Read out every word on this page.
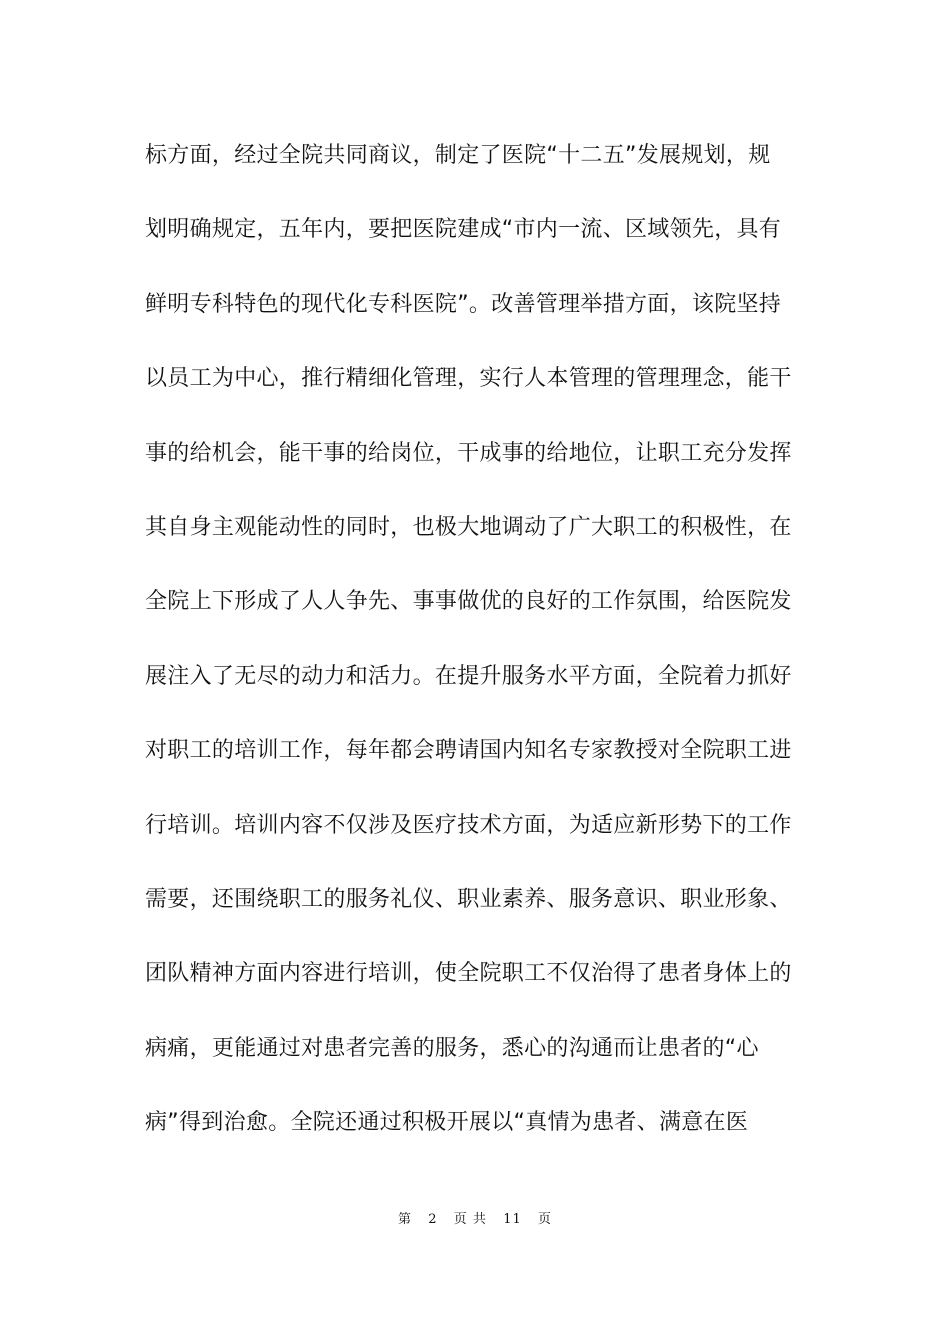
标方面，经过全院共同商议，制定了医院“十二五”发展规划，规
划明确规定，五年内，要把医院建成“市内一流、区域领先，具有
鲜明专科特色的现代化专科医院”。改善管理举措方面，该院坚持
以员工为中心，推行精细化管理，实行人本管理的管理理念，能干
事的给机会，能干事的给岗位，干成事的给地位，让职工充分发挥
其自身主观能动性的同时，也极大地调动了广大职工的积极性，在
全院上下形成了人人争先、事事做优的良好的工作氛围，给医院发
展注入了无尽的动力和活力。在提升服务水平方面，全院着力抓好
对职工的培训工作，每年都会聘请国内知名专家教授对全院职工进
行培训。培训内容不仅涉及医疗技术方面，为适应新形势下的工作
需要，还围绕职工的服务礼仪、职业素养、服务意识、职业形象、
团队精神方面内容进行培训，使全院职工不仅治得了患者身体上的
病痛，更能通过对患者完善的服务，悉心的沟通而让患者的“心
病”得到治愈。全院还通过积极开展以“真情为患者、满意在医
第 2 页 共 11 页
